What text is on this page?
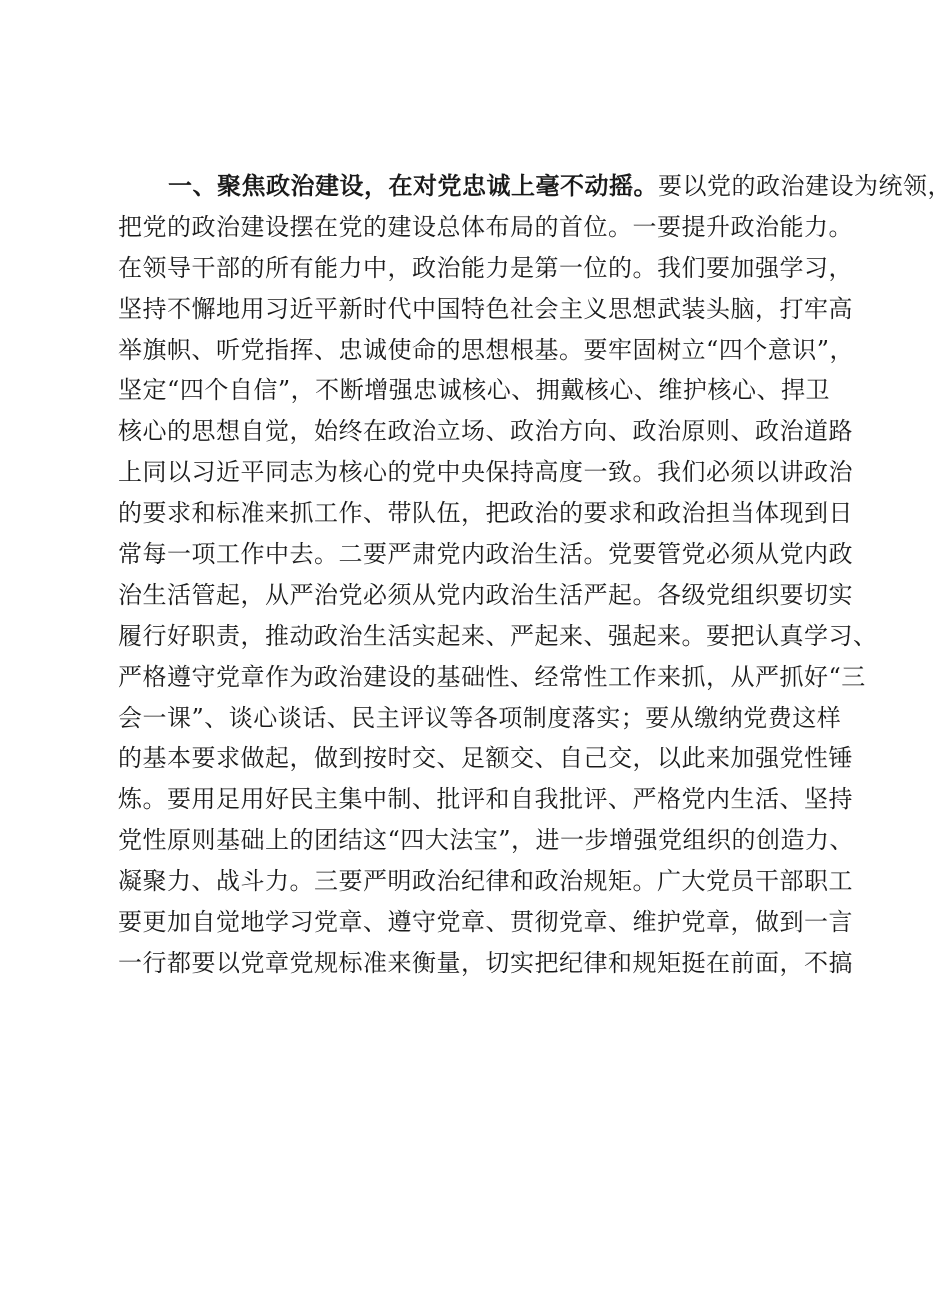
一、聚焦政治建设，在对党忠诚上毫不动摇。要以党的政治建设为统领，
把党的政治建设摆在党的建设总体布局的首位。一要提升政治能力。
在领导干部的所有能力中，政治能力是第一位的。我们要加强学习，
坚持不懈地用习近平新时代中国特色社会主义思想武装头脑，打牢高
举旗帜、听党指挥、忠诚使命的思想根基。要牢固树立“四个意识”，
坚定“四个自信”，不断增强忠诚核心、拥戴核心、维护核心、捍卫
核心的思想自觉，始终在政治立场、政治方向、政治原则、政治道路
上同以习近平同志为核心的党中央保持高度一致。我们必须以讲政治
的要求和标准来抓工作、带队伍，把政治的要求和政治担当体现到日
常每一项工作中去。二要严肃党内政治生活。党要管党必须从党内政
治生活管起，从严治党必须从党内政治生活严起。各级党组织要切实
履行好职责，推动政治生活实起来、严起来、强起来。要把认真学习、
严格遵守党章作为政治建设的基础性、经常性工作来抓，从严抓好“三
会一课”、谈心谈话、民主评议等各项制度落实；要从缴纳党费这样
的基本要求做起，做到按时交、足额交、自己交，以此来加强党性锤
炼。要用足用好民主集中制、批评和自我批评、严格党内生活、坚持
党性原则基础上的团结这“四大法宝”，进一步增强党组织的创造力、
凝聚力、战斗力。三要严明政治纪律和政治规矩。广大党员干部职工
要更加自觉地学习党章、遵守党章、贯彻党章、维护党章，做到一言
一行都要以党章党规标准来衡量，切实把纪律和规矩挺在前面，不搞
